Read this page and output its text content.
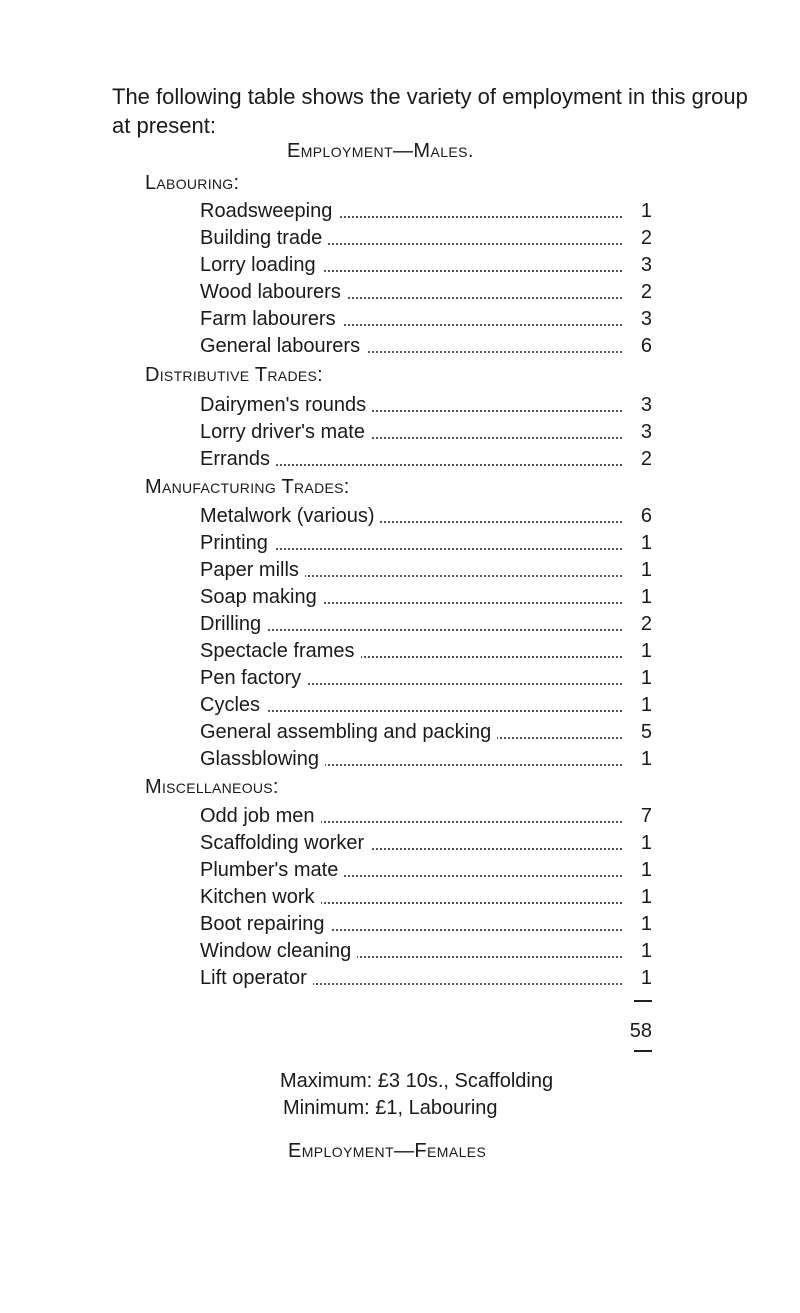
The following table shows the variety of employment in this group at present:

Employment—Males.
Labouring:
Roadsweeping	1
Building trade	2
Lorry loading	3
Wood labourers	2
Farm labourers	3
General labourers	6
Distributive Trades:
Dairymen's rounds	3
Lorry driver's mate	3
Errands	2
Manufacturing Trades:
Metalwork (various)	6
Printing	1
Paper mills	1
Soap making	1
Drilling	2
Spectacle frames	1
Pen factory	1
Cycles	1
General assembling and packing	5
Glassblowing	1
Miscellaneous:
Odd job men	7
Scaffolding worker	1
Plumber's mate	1
Kitchen work	1
Boot repairing	1
Window cleaning	1
Lift operator	1
58
Maximum: £3 10s., Scaffolding
Minimum: £1, Labouring
Employment—Females
